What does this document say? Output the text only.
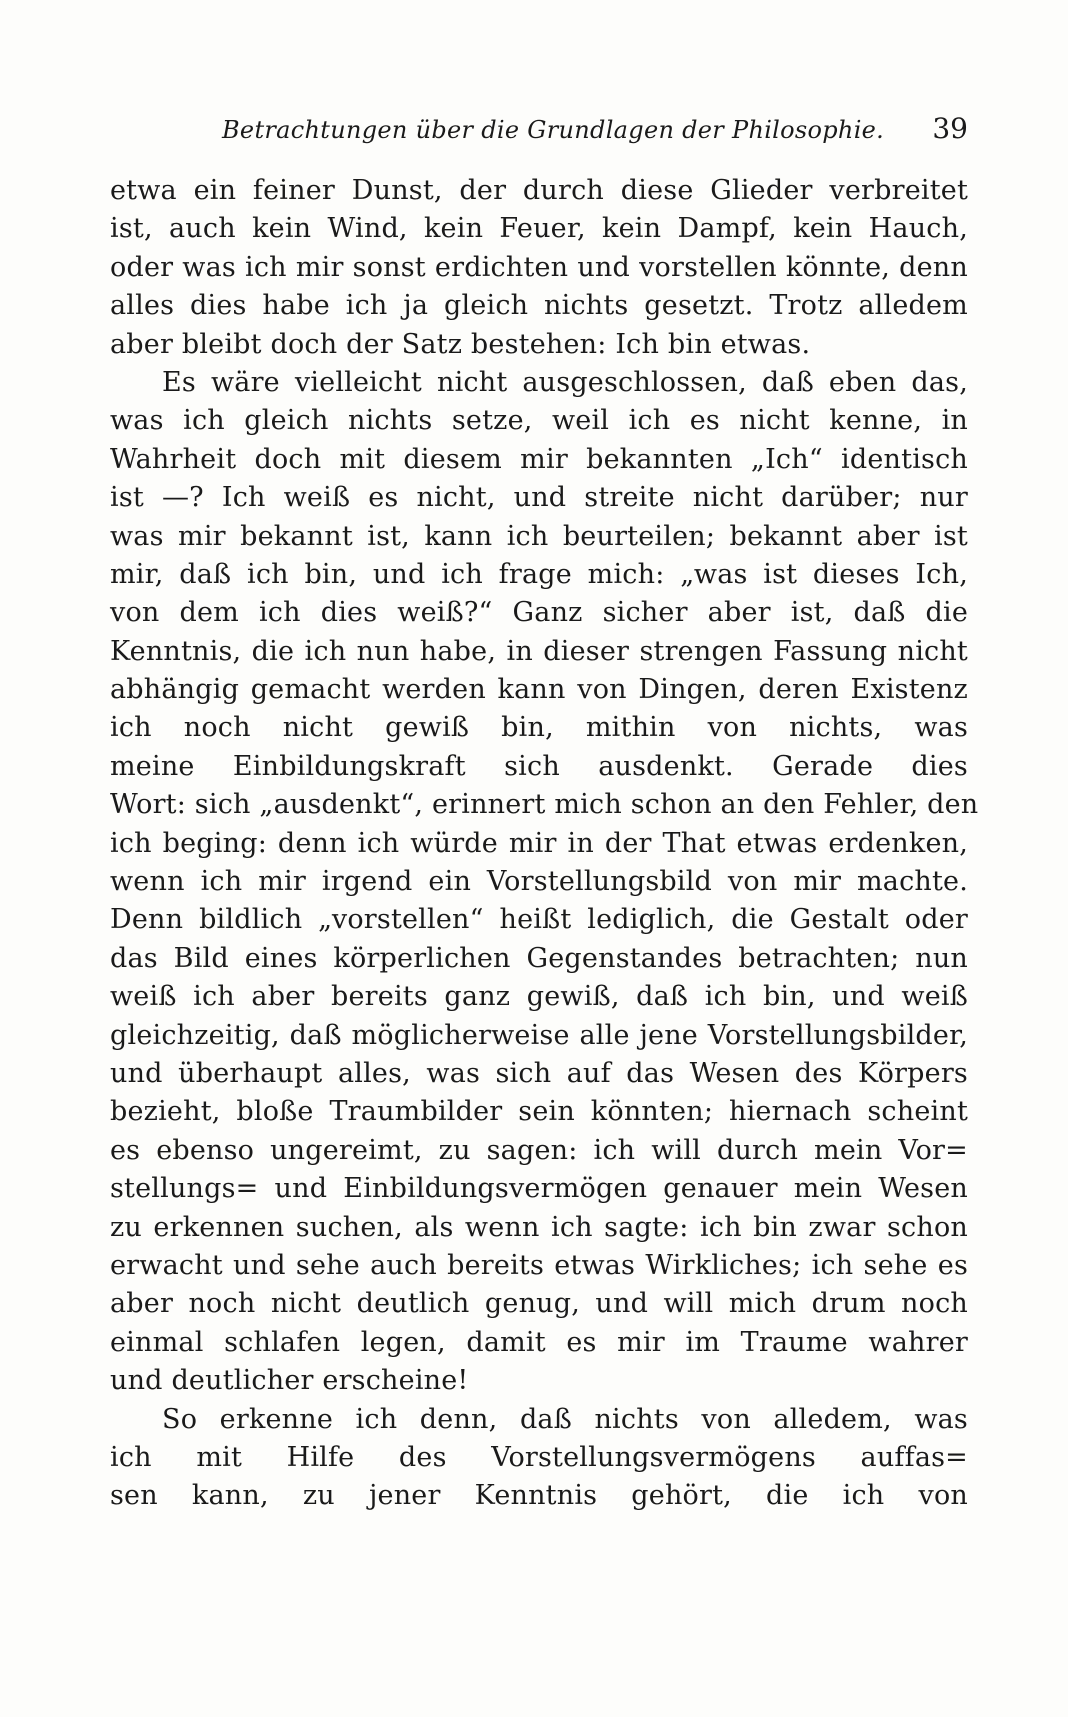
Betrachtungen über die Grundlagen der Philosophie. 39
etwa ein feiner Dunst, der durch diese Glieder verbreitet
ist, auch kein Wind, kein Feuer, kein Dampf, kein Hauch,
oder was ich mir sonst erdichten und vorstellen könnte, denn
alles dies habe ich ja gleich nichts gesetzt. Trotz alledem
aber bleibt doch der Satz bestehen: Ich bin etwas.
Es wäre vielleicht nicht ausgeschlossen, daß eben das,
was ich gleich nichts setze, weil ich es nicht kenne, in
Wahrheit doch mit diesem mir bekannten „Ich“ identisch
ist —? Ich weiß es nicht, und streite nicht darüber; nur
was mir bekannt ist, kann ich beurteilen; bekannt aber ist
mir, daß ich bin, und ich frage mich: „was ist dieses Ich,
von dem ich dies weiß?“ Ganz sicher aber ist, daß die
Kenntnis, die ich nun habe, in dieser strengen Fassung nicht
abhängig gemacht werden kann von Dingen, deren Existenz
ich noch nicht gewiß bin, mithin von nichts, was
meine Einbildungskraft sich ausdenkt. Gerade dies
Wort: sich „ausdenkt“, erinnert mich schon an den Fehler, den
ich beging: denn ich würde mir in der That etwas erdenken,
wenn ich mir irgend ein Vorstellungsbild von mir machte.
Denn bildlich „vorstellen“ heißt lediglich, die Gestalt oder
das Bild eines körperlichen Gegenstandes betrachten; nun
weiß ich aber bereits ganz gewiß, daß ich bin, und weiß
gleichzeitig, daß möglicherweise alle jene Vorstellungsbilder,
und überhaupt alles, was sich auf das Wesen des Körpers
bezieht, bloße Traumbilder sein könnten; hiernach scheint
es ebenso ungereimt, zu sagen: ich will durch mein Vor=
stellungs= und Einbildungsvermögen genauer mein Wesen
zu erkennen suchen, als wenn ich sagte: ich bin zwar schon
erwacht und sehe auch bereits etwas Wirkliches; ich sehe es
aber noch nicht deutlich genug, und will mich drum noch
einmal schlafen legen, damit es mir im Traume wahrer
und deutlicher erscheine!
So erkenne ich denn, daß nichts von alledem, was
ich mit Hilfe des Vorstellungsvermögens auffas=
sen kann, zu jener Kenntnis gehört, die ich von
